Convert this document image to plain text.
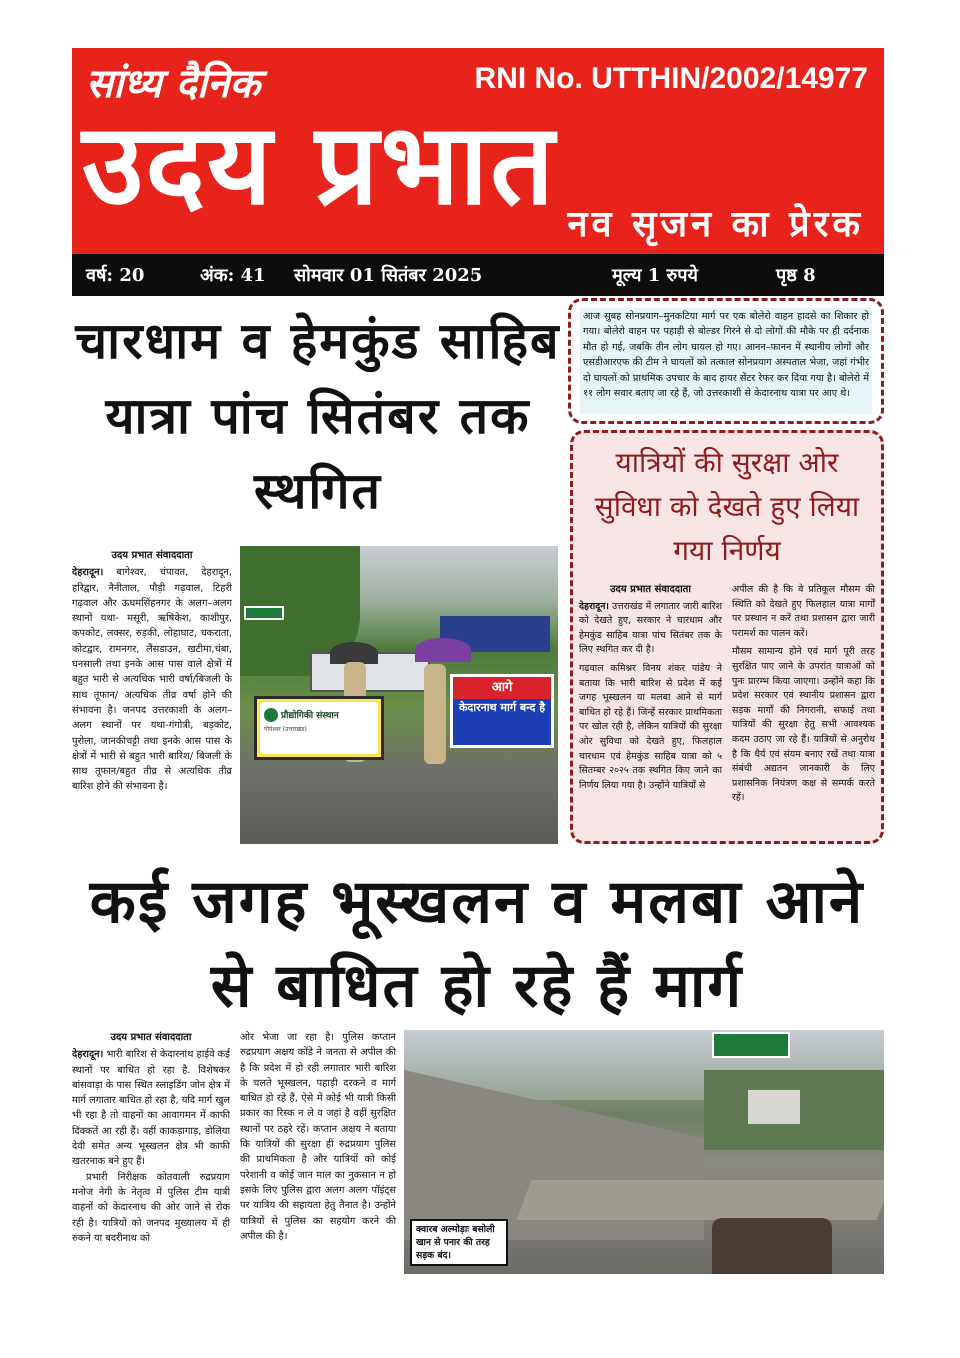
सांध्य दैनिक	RNI No. UTTHIN/2002/14977
उदय प्रभात नव सृजन का प्रेरक
वर्ष: 20	अंक: 41 सोमवार 01 सितंबर 2025	मूल्य 1 रुपये	पृष्ठ 8
चारधाम व हेमकुंड साहिब यात्रा पांच सितंबर तक स्थगित
आज सुबह सोनप्रयाग–मुनकटिया मार्ग पर एक बोलेरो वाहन हादसे का शिकार हो गया। बोलेरो वाहन पर पहाड़ी से बोल्डर गिरने से दो लोगों की मौके पर ही दर्दनाक मौत हो गई, जबकि तीन लोग घायल हो गए। आनन–फानन में स्थानीय लोगों और एसडीआरएफ की टीम ने घायलों को तत्काल सोनप्रयाग अस्पताल भेजा, जहां गंभीर दो घायलों को प्राथमिक उपचार के बाद हायर सेंटर रेफर कर दिया गया है। बोलेरो में ११ लोग सवार बताए जा रहे हैं, जो उत्तरकाशी से केदारनाथ यात्रा पर आए थे।
यात्रियों की सुरक्षा ओर सुविधा को देखते हुए लिया गया निर्णय
उदय प्रभात संवाददाता

देहरादून। उत्तराखंड में लगातार जारी बारिश को देखते हुए, सरकार ने चारधाम और हेमकुंड साहिब यात्रा पांच सितंबर तक के लिए स्थगित कर दी है।

गढ़वाल कमिश्नर विनय शंकर पांडेय ने बताया कि भारी बारिश से प्रदेश में कई जगह भूस्खलन या मलबा आने से मार्ग बाधित हो रहे हैं। जिन्हें सरकार प्राथमिकता पर खोल रही है, लेकिन यात्रियों की सुरक्षा ओर सुविधा को देखते हुए, फिलहाल चारधाम एवं हेमकुंड साहिब यात्रा को ५ सितम्बर २०२५ तक स्थगित किए जाने का निर्णय लिया गया है। उन्होंने यात्रियों से

अपील की है कि वे प्रतिकूल मौसम की स्थिति को देखते हुए फिलहाल यात्रा मार्गों पर प्रस्थान न करें तथा प्रशासन द्वारा जारी परामर्श का पालन करें।

मौसम सामान्य होने एवं मार्ग पूरी तरह सुरक्षित पाए जाने के उपरांत यात्राओं को पुनः प्रारम्भ किया जाएगा। उन्होंने कहा कि प्रदेश सरकार एवं स्थानीय प्रशासन द्वारा सड़क मार्गों की निगरानी, सफाई तथा यात्रियों की सुरक्षा हेतु सभी आवश्यक कदम उठाए जा रहे हैं। यात्रियों से अनुरोध है कि धैर्य एवं संयम बनाए रखें तथा यात्रा संबंधी अद्यतन जानकारी के लिए प्रशासनिक नियंत्रण कक्ष से सम्पर्क करते रहें।

उदय प्रभात संवाददाता
देहरादून। बागेश्वर, चंपावत, देहरादून, हरिद्वार, नैनीताल, पौड़ी गढ़वाल, टिहरी गढ़वाल और ऊधमसिंहनगर के अलग–अलग स्थानों यथा- मसूरी, ऋषिकेश, काशीपुर, कपकोट, लक्सर, रुड़की, लोहाघाट, चकराता, कोटद्वार, रामनगर, लैंसडाउन, खटीमा,चंबा, घनसाली तथा इनके आस पास वाले क्षेत्रों में बहुत भारी से अत्यधिक भारी वर्षा/बिजली के साथ तूफान/ अत्यधिक तीव्र वर्षा होने की संभावना है। जनपद उत्तरकाशी के अलग–अलग स्थानों पर यथा-गंगोत्री, बड़कोट, पुरोला, जानकीचट्टी तथा इनके आस पास के क्षेत्रों में भारी से बहुत भारी बारिश/ बिजली के साथ तूफान/बहुत तीव्र से अत्यधिक तीव्र बारिश होने की संभावना है।
प्रौद्योगिकी संस्थान
गोपेश्वर (उत्तराखंड)
आगे
केदारनाथ मार्ग बन्द है
कई जगह भूस्खलन व मलबा आने से बाधित हो रहे हैं मार्ग
उदय प्रभात संवाददाता
देहरादून। भारी बारिश से केदारनाथ हाईवे कई स्थानों पर बाधित हो रहा है. विशेषकर बांसवाड़ा के पास स्थित स्लाइडिंग जोन क्षेत्र में मार्ग लगातार बाधित हो रहा है, यदि मार्ग खुल भी रहा है तो वाहनों का आवागमन में काफी दिक्कतें आ रही हैं। वहीं काकड़ागाड़, डोलिया देवी समेत अन्य भूस्खलन क्षेत्र भी काफी खतरनाक बने हुए हैं।
प्रभारी निरीक्षक कोतवाली रुद्रप्रयाग मनोज नेगी के नेतृत्व में पुलिस टीम यात्री वाहनों को केदारनाथ की ओर जाने से रोक रही है। यात्रियों को जनपद मुख्यालय में ही रुकने या बदरीनाथ को
ओर भेजा जा रहा है। पुलिस कप्तान रुद्रप्रयाग अक्षय कोंडे ने जनता से अपील की है कि प्रदेश में हो रही लगातार भारी बारिश के चलते भूस्खलन, पहाड़ी दरकने व मार्ग बाधित हो रहे हैं, ऐसे में कोई भी यात्री किसी प्रकार का रिस्क न ले व जहां है वहीं सुरक्षित स्थानों पर ठहरे रहें। कप्तान अक्षय ने बताया कि यात्रियों की सुरक्षा ही रुद्रप्रयाग पुलिस की प्राथमिकता है और यात्रियों को कोई परेशानी व कोई जान माल का नुकसान न हो इसके लिए पुलिस द्वारा अलग अलग पॉइंट्स पर यात्रिय की सहायता हेतु तैनात है। उन्होंने यात्रियों से पुलिस का सहयोग करने की अपील की है।
क्वारब अल्मोड़ाः बसोली खान से पनार की तरह सड़क बंद।
